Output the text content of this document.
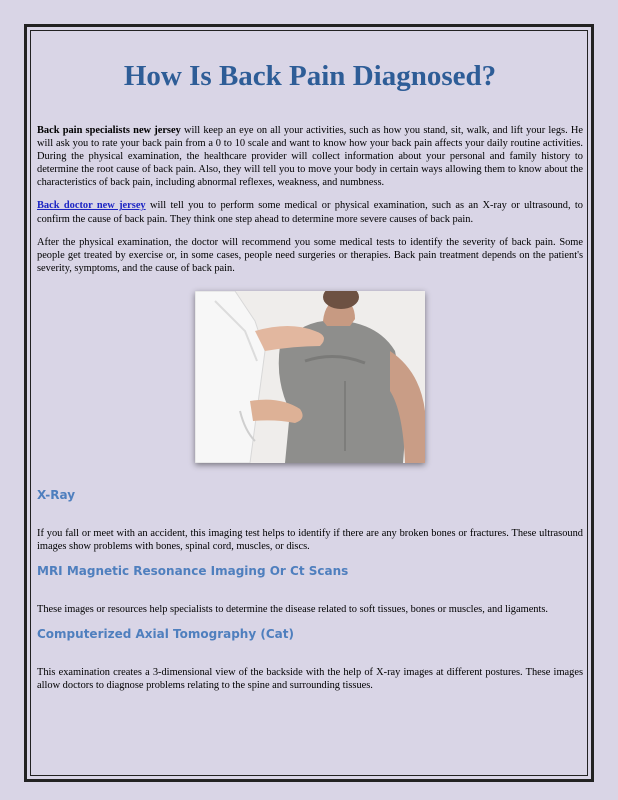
How Is Back Pain Diagnosed?

Back pain specialists new jersey will keep an eye on all your activities, such as how you stand, sit, walk, and lift your legs. He will ask you to rate your back pain from a 0 to 10 scale and want to know how your back pain affects your daily routine activities. During the physical examination, the healthcare provider will collect information about your personal and family history to determine the root cause of back pain. Also, they will tell you to move your body in certain ways allowing them to know about the characteristics of back pain, including abnormal reflexes, weakness, and numbness.

Back doctor new jersey will tell you to perform some medical or physical examination, such as an X-ray or ultrasound, to confirm the cause of back pain. They think one step ahead to determine more severe causes of back pain.

After the physical examination, the doctor will recommend you some medical tests to identify the severity of back pain. Some people get treated by exercise or, in some cases, people need surgeries or therapies. Back pain treatment depends on the patient's severity, symptoms, and the cause of back pain.

X-Ray

If you fall or meet with an accident, this imaging test helps to identify if there are any broken bones or fractures. These ultrasound images show problems with bones, spinal cord, muscles, or discs.

MRI Magnetic Resonance Imaging Or Ct Scans

These images or resources help specialists to determine the disease related to soft tissues, bones or muscles, and ligaments.

Computerized Axial Tomography (Cat)

This examination creates a 3-dimensional view of the backside with the help of X-ray images at different postures. These images allow doctors to diagnose problems relating to the spine and surrounding tissues.
